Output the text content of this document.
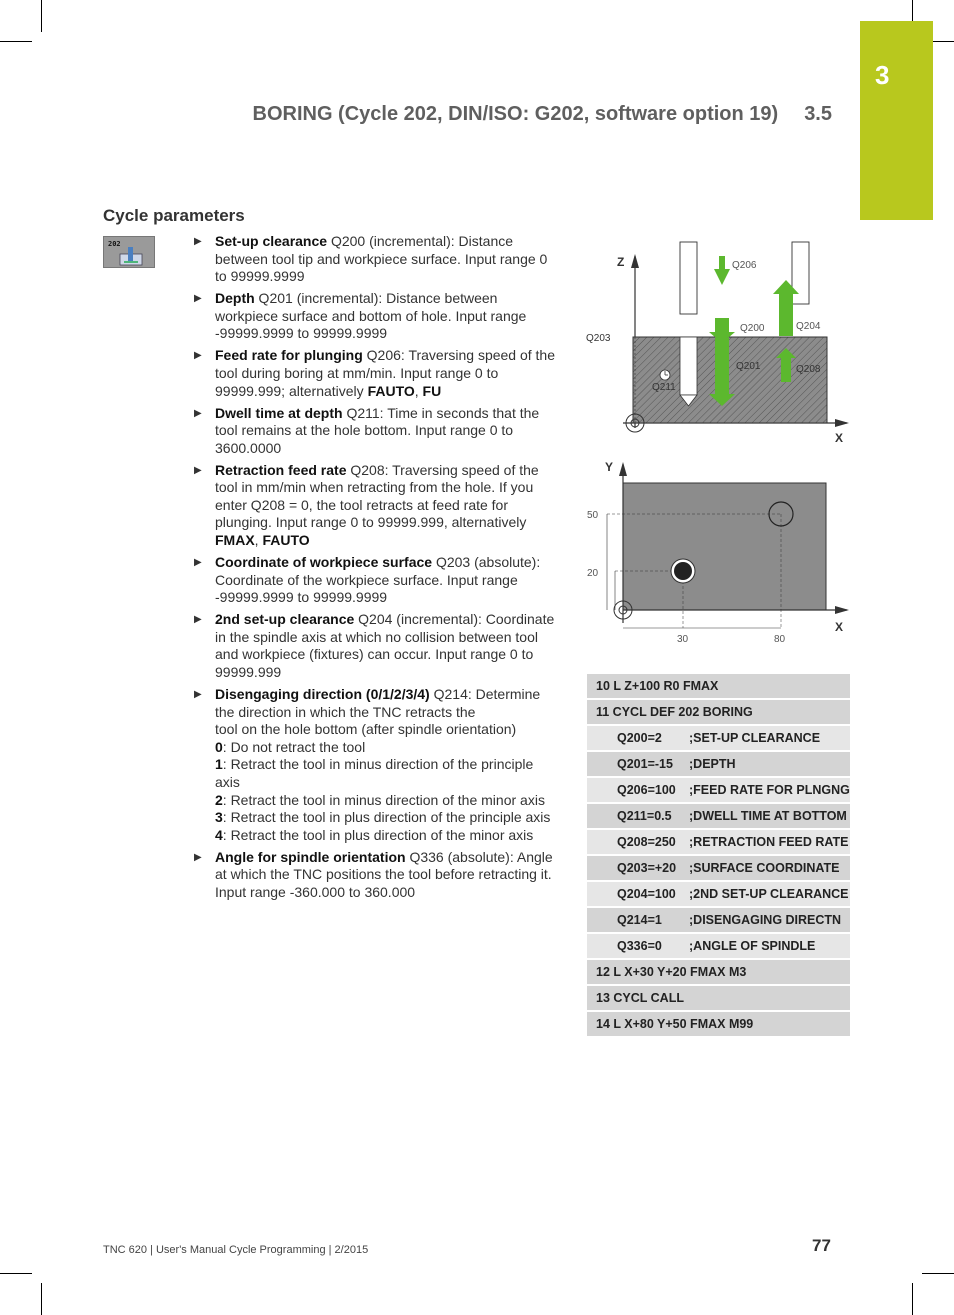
3
BORING (Cycle 202, DIN/ISO: G202, software option 19) 3.5
Cycle parameters
202	▶ Set-up clearance Q200 (incremental): Distance between tool tip and workpiece surface. Input range 0 to 99999.9999
▶ Depth Q201 (incremental): Distance between workpiece surface and bottom of hole. Input range -99999.9999 to 99999.9999
▶ Feed rate for plunging Q206: Traversing speed of the tool during boring at mm/min. Input range 0 to 99999.999; alternatively FAUTO, FU
▶ Dwell time at depth Q211: Time in seconds that the tool remains at the hole bottom. Input range 0 to 3600.0000
▶ Retraction feed rate Q208: Traversing speed of the tool in mm/min when retracting from the hole. If you enter Q208 = 0, the tool retracts at feed rate for plunging. Input range 0 to 99999.999, alternatively FMAX, FAUTO
▶ Coordinate of workpiece surface Q203 (absolute): Coordinate of the workpiece surface. Input range -99999.9999 to 99999.9999
▶ 2nd set-up clearance Q204 (incremental): Coordinate in the spindle axis at which no collision between tool and workpiece (fixtures) can occur. Input range 0 to 99999.999
▶ Disengaging direction (0/1/2/3/4) Q214: Determine the direction in which the TNC retracts the
tool on the hole bottom (after spindle orientation)
0: Do not retract the tool
1: Retract the tool in minus direction of the principle axis
2: Retract the tool in minus direction of the minor axis
3: Retract the tool in plus direction of the principle axis
4: Retract the tool in plus direction of the minor axis
▶ Angle for spindle orientation Q336 (absolute): Angle at which the TNC positions the tool before retracting it. Input range -360.000 to 360.000
Z
X
Q206
Q200	Q204
Q203
Q201	Q208
Q211
X
Y
50
20
30	80
10 L Z+100 R0 FMAX	
11 CYCL DEF 202 BORING	
Q200=2	;SET-UP CLEARANCE
Q201=-15	;DEPTH
Q206=100	;FEED RATE FOR PLNGNG
Q211=0.5	;DWELL TIME AT BOTTOM
Q208=250	;RETRACTION FEED RATE
Q203=+20	;SURFACE COORDINATE
Q204=100	;2ND SET-UP CLEARANCE
Q214=1	;DISENGAGING DIRECTN
Q336=0	;ANGLE OF SPINDLE
12 L X+30 Y+20 FMAX M3	
13 CYCL CALL	
14 L X+80 Y+50 FMAX M99	
TNC 620 | User's Manual Cycle Programming | 2/2015	77
